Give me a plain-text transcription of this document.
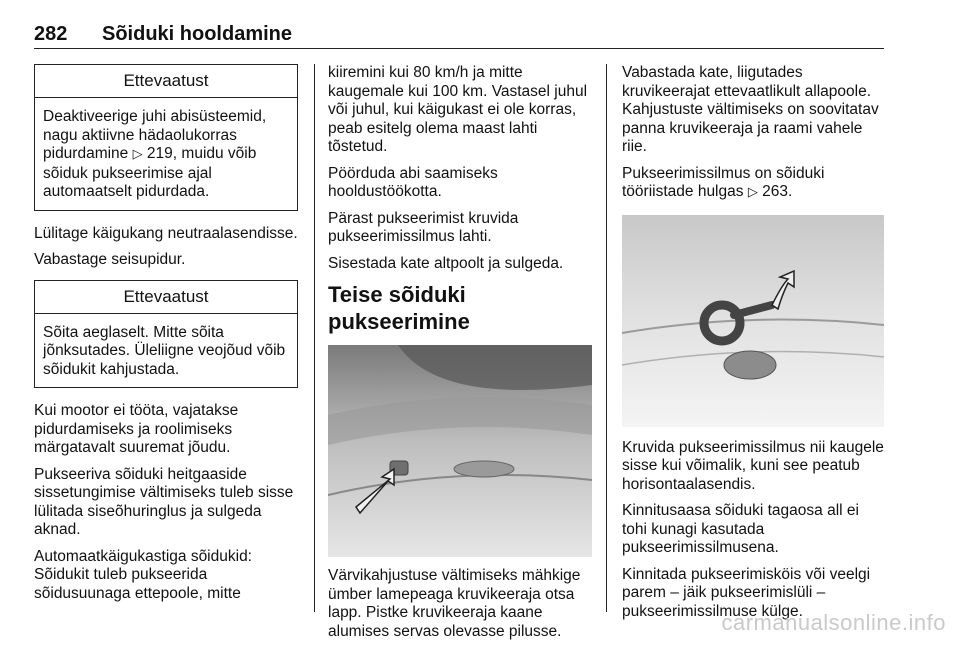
282 Sõiduki hooldamine
Ettevaatust
Deaktiveerige juhi abisüsteemid, nagu aktiivne hädaolukorras pidurdamine ▷ 219, muidu võib sõiduk pukseerimise ajal automaatselt pidurdada.

Lülitage käigukang neutraalasendisse.

Vabastage seisupidur.

Ettevaatust
Sõita aeglaselt. Mitte sõita jõnksutades. Üleliigne veojõud võib sõidukit kahjustada.

Kui mootor ei tööta, vajatakse pidurdamiseks ja roolimiseks märgatavalt suuremat jõudu.

Pukseeriva sõiduki heitgaaside sissetungimise vältimiseks tuleb sisse lülitada siseõhuringlus ja sulgeda aknad.

Automaatkäigukastiga sõidukid: Sõidukit tuleb pukseerida sõidusuunaga ettepoole, mitte

kiiremini kui 80 km/h ja mitte kaugemale kui 100 km. Vastasel juhul või juhul, kui käigukast ei ole korras, peab esitelg olema maast lahti tõstetud.

Pöörduda abi saamiseks hooldustöökotta.

Pärast pukseerimist kruvida pukseerimissilmus lahti.

Sisestada kate altpoolt ja sulgeda.

Teise sõiduki pukseerimine

Värvikahjustuse vältimiseks mähkige ümber lamepeaga kruvikeeraja otsa lapp. Pistke kruvikeeraja kaane alumises servas olevasse pilusse.

Vabastada kate, liigutades kruvikeerajat ettevaatlikult allapoole. Kahjustuste vältimiseks on soovitatav panna kruvikeeraja ja raami vahele riie.

Pukseerimissilmus on sõiduki tööriistade hulgas ▷ 263.

Kruvida pukseerimissilmus nii kaugele sisse kui võimalik, kuni see peatub horisontaalasendis.

Kinnitusaasa sõiduki tagaosa all ei tohi kunagi kasutada pukseerimissilmusena.

Kinnitada pukseerimisköis või veelgi parem – jäik pukseerimislüli – pukseerimissilmuse külge.

carmanualsonline.info
